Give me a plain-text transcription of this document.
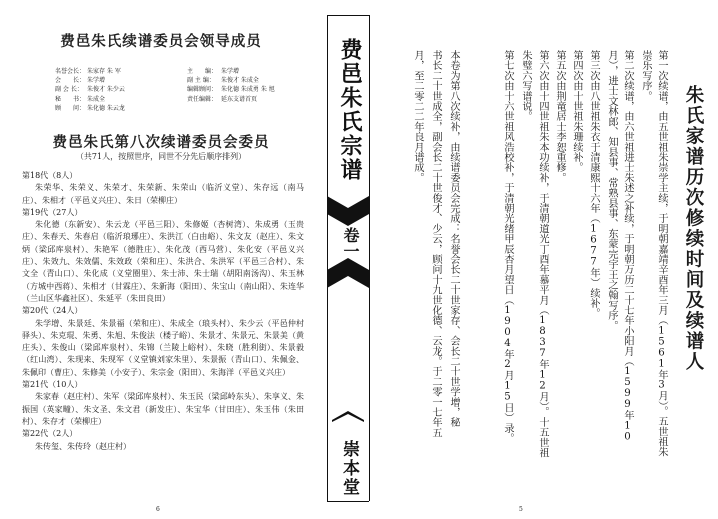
费邑朱氏续谱委员会领导成员
名誉会长： 朱家存 朱 军
会　　长： 朱学增
副 会 长： 朱俊才 朱少云
秘　　书： 朱成全
顾　　问： 朱化德 朱云龙
主　　编： 朱学增
副 主 编： 朱俊才 朱成全
编辑顾问： 朱化德 朱成勇 朱 旭
责任编辑： 延东支谱首页
费邑朱氏第八次续谱委员会委员
（共71人，按照世序，同世不分先后顺序排列）
第18代（8人）
朱荣华、朱荣义、朱荣才、朱荣新、朱荣山（临沂义堂）、朱存远（南马庄）、朱相才（平邑义兴庄）、朱日（荣柳庄）
第19代（27人）
朱化德（东新安）、朱云龙（平邑三阳）、朱修姬（杏树湾）、朱成勇（玉贵庄）、朱春天、朱春启（临沂琅琊庄）、朱洪江（白由峪）、朱文友（赵庄）、朱文炳（梁邱库泉村）、朱艳军（德胜庄）、朱化茂（西马营）、朱化安（平邑义兴庄）、朱效九、朱效儒、朱效政（荣和庄）、朱洪合、朱洪军（平邑三合村）、朱文全（青山口）、朱化成（义堂圈里）、朱士沛、朱士瑞（胡阳南汤沟）、朱玉林（方城中西蒋）、朱相才（甘霖庄）、朱新海（阳田）、朱宝山（南山阳）、朱连华（兰山区华鑫社区）、朱延平（朱田良田）
第20代（24人）
朱学增、朱景廷、朱景福（荣和庄）、朱成全（琅头村）、朱少云（平邑仲村驿头）、朱克琨、朱勇、朱旭、朱俊法（楼子峪）、朱景才、朱景元、朱景美（黄庄头）、朱俊山（梁邱库泉村）、朱锦（兰陵上峪村）、朱晓（胜利街）、朱景毅（红山湾）、朱现来、朱现军（义堂镇刘家朱里）、朱景振（青山口）、朱佩金、朱佩印（曹庄）、朱修美（小安子）、朱宗金（阳田）、朱海洋（平邑义兴庄）
第21代（10人）
朱家春（赵庄村）、朱军（梁邱库泉村）、朱玉民（梁邱岭东头）、朱享义、朱振国（英家疃）、朱文圣、朱文君（新发庄）、朱宝华（甘田庄）、朱玉伟（朱田村）、朱存才（荣柳庄）
第22代（2人）
朱传玺、朱传玲（赵庄村）
6
费邑朱氏宗谱
卷一
崇本堂
朱氏家谱历次修续时间及续谱人
第一次续谱，由五世祖朱崇学主续，于明朝嘉靖辛酉年三月（1561年3月）。五世祖朱
崇乐写序。
第二次续谱，由六世祖进士朱述之补续，于明朝万历二十七年小阳月（1599年10
月），进士文林郎、知县事、常熟县事、东蒙完宇王之翰写序。
第三次由八世祖朱衣于清康熙十六年（1677年）续补。
第四次由十世祖朱珊续补。
第五次由荆竜居士李恕重修。
第六次由十四世祖朱本功续补，于清朝道光丁酉年慕平月（1837年12月）。十五世祖
朱璧六写谱说。
第七次由十六世祖风浩校补，于清朝光绪甲辰杏月望日（1904年2月15日）录。
本卷为第八次续补，由续谱委员会完成：名誉会长二十世家存、会长二十世学增，秘
书长二十世成全，副会长二十世俊才、少云，顾问十九世化德、云龙。于二零一七年五
月，至二零二二年良月谱成。
5
